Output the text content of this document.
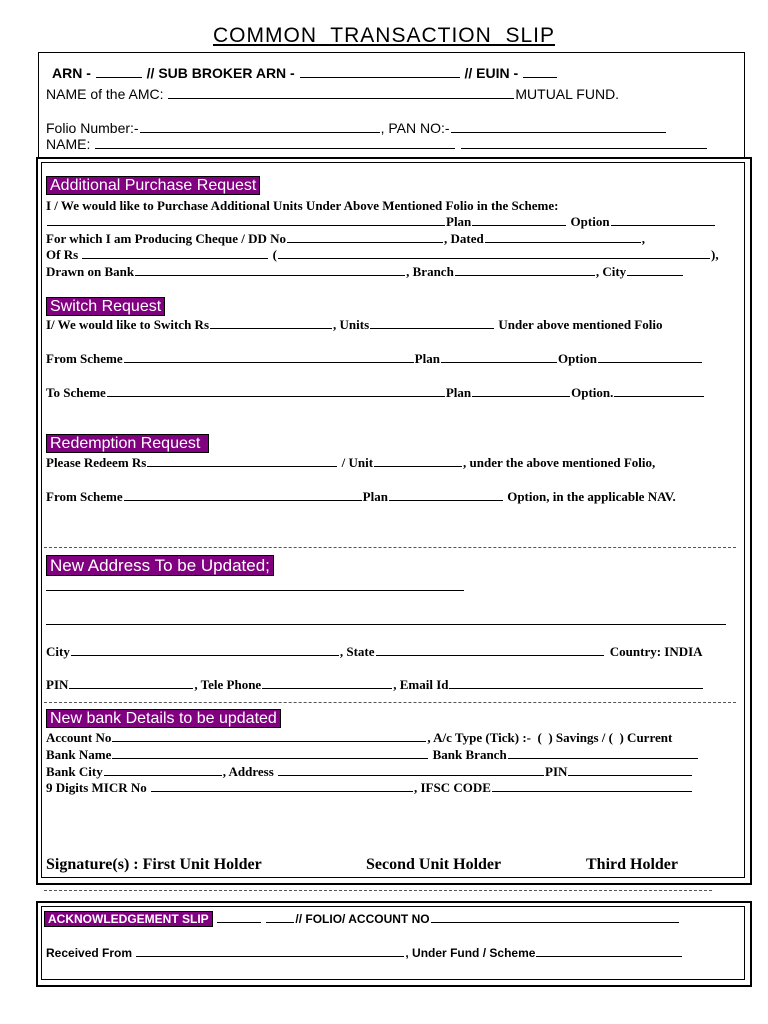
COMMON  TRANSACTION  SLIP
ARN -	// SUB BROKER ARN -	// EUIN -
NAME of the AMC:	MUTUAL FUND.
Folio Number:-	, PAN NO:-
NAME:
Additional Purchase Request
I / We would like to Purchase Additional Units Under Above Mentioned Folio in the Scheme:
Plan	Option
For which I am Producing Cheque / DD No	, Dated	,
Of Rs	(	),
Drawn on Bank	, Branch	, City
Switch Request
I/ We would like to Switch Rs	, Units	Under above mentioned Folio
From Scheme	Plan	Option
To Scheme	Plan	Option.
Redemption Request
Please Redeem Rs	/ Unit	, under the above mentioned Folio,
From Scheme	Plan	Option, in the applicable NAV.
New Address To be Updated;
City	, State	Country: INDIA
PIN	, Tele Phone	, Email Id
New bank Details to be updated
Account No	, A/c Type (Tick) :-  (  ) Savings / (  ) Current
Bank Name	Bank Branch
Bank City	, Address	PIN
9 Digits MICR No	, IFSC CODE
Signature(s) : First Unit Holder	Second Unit Holder	Third Holder
ACKNOWLEDGEMENT SLIP	// FOLIO/ ACCOUNT NO
Received From	, Under Fund / Scheme
